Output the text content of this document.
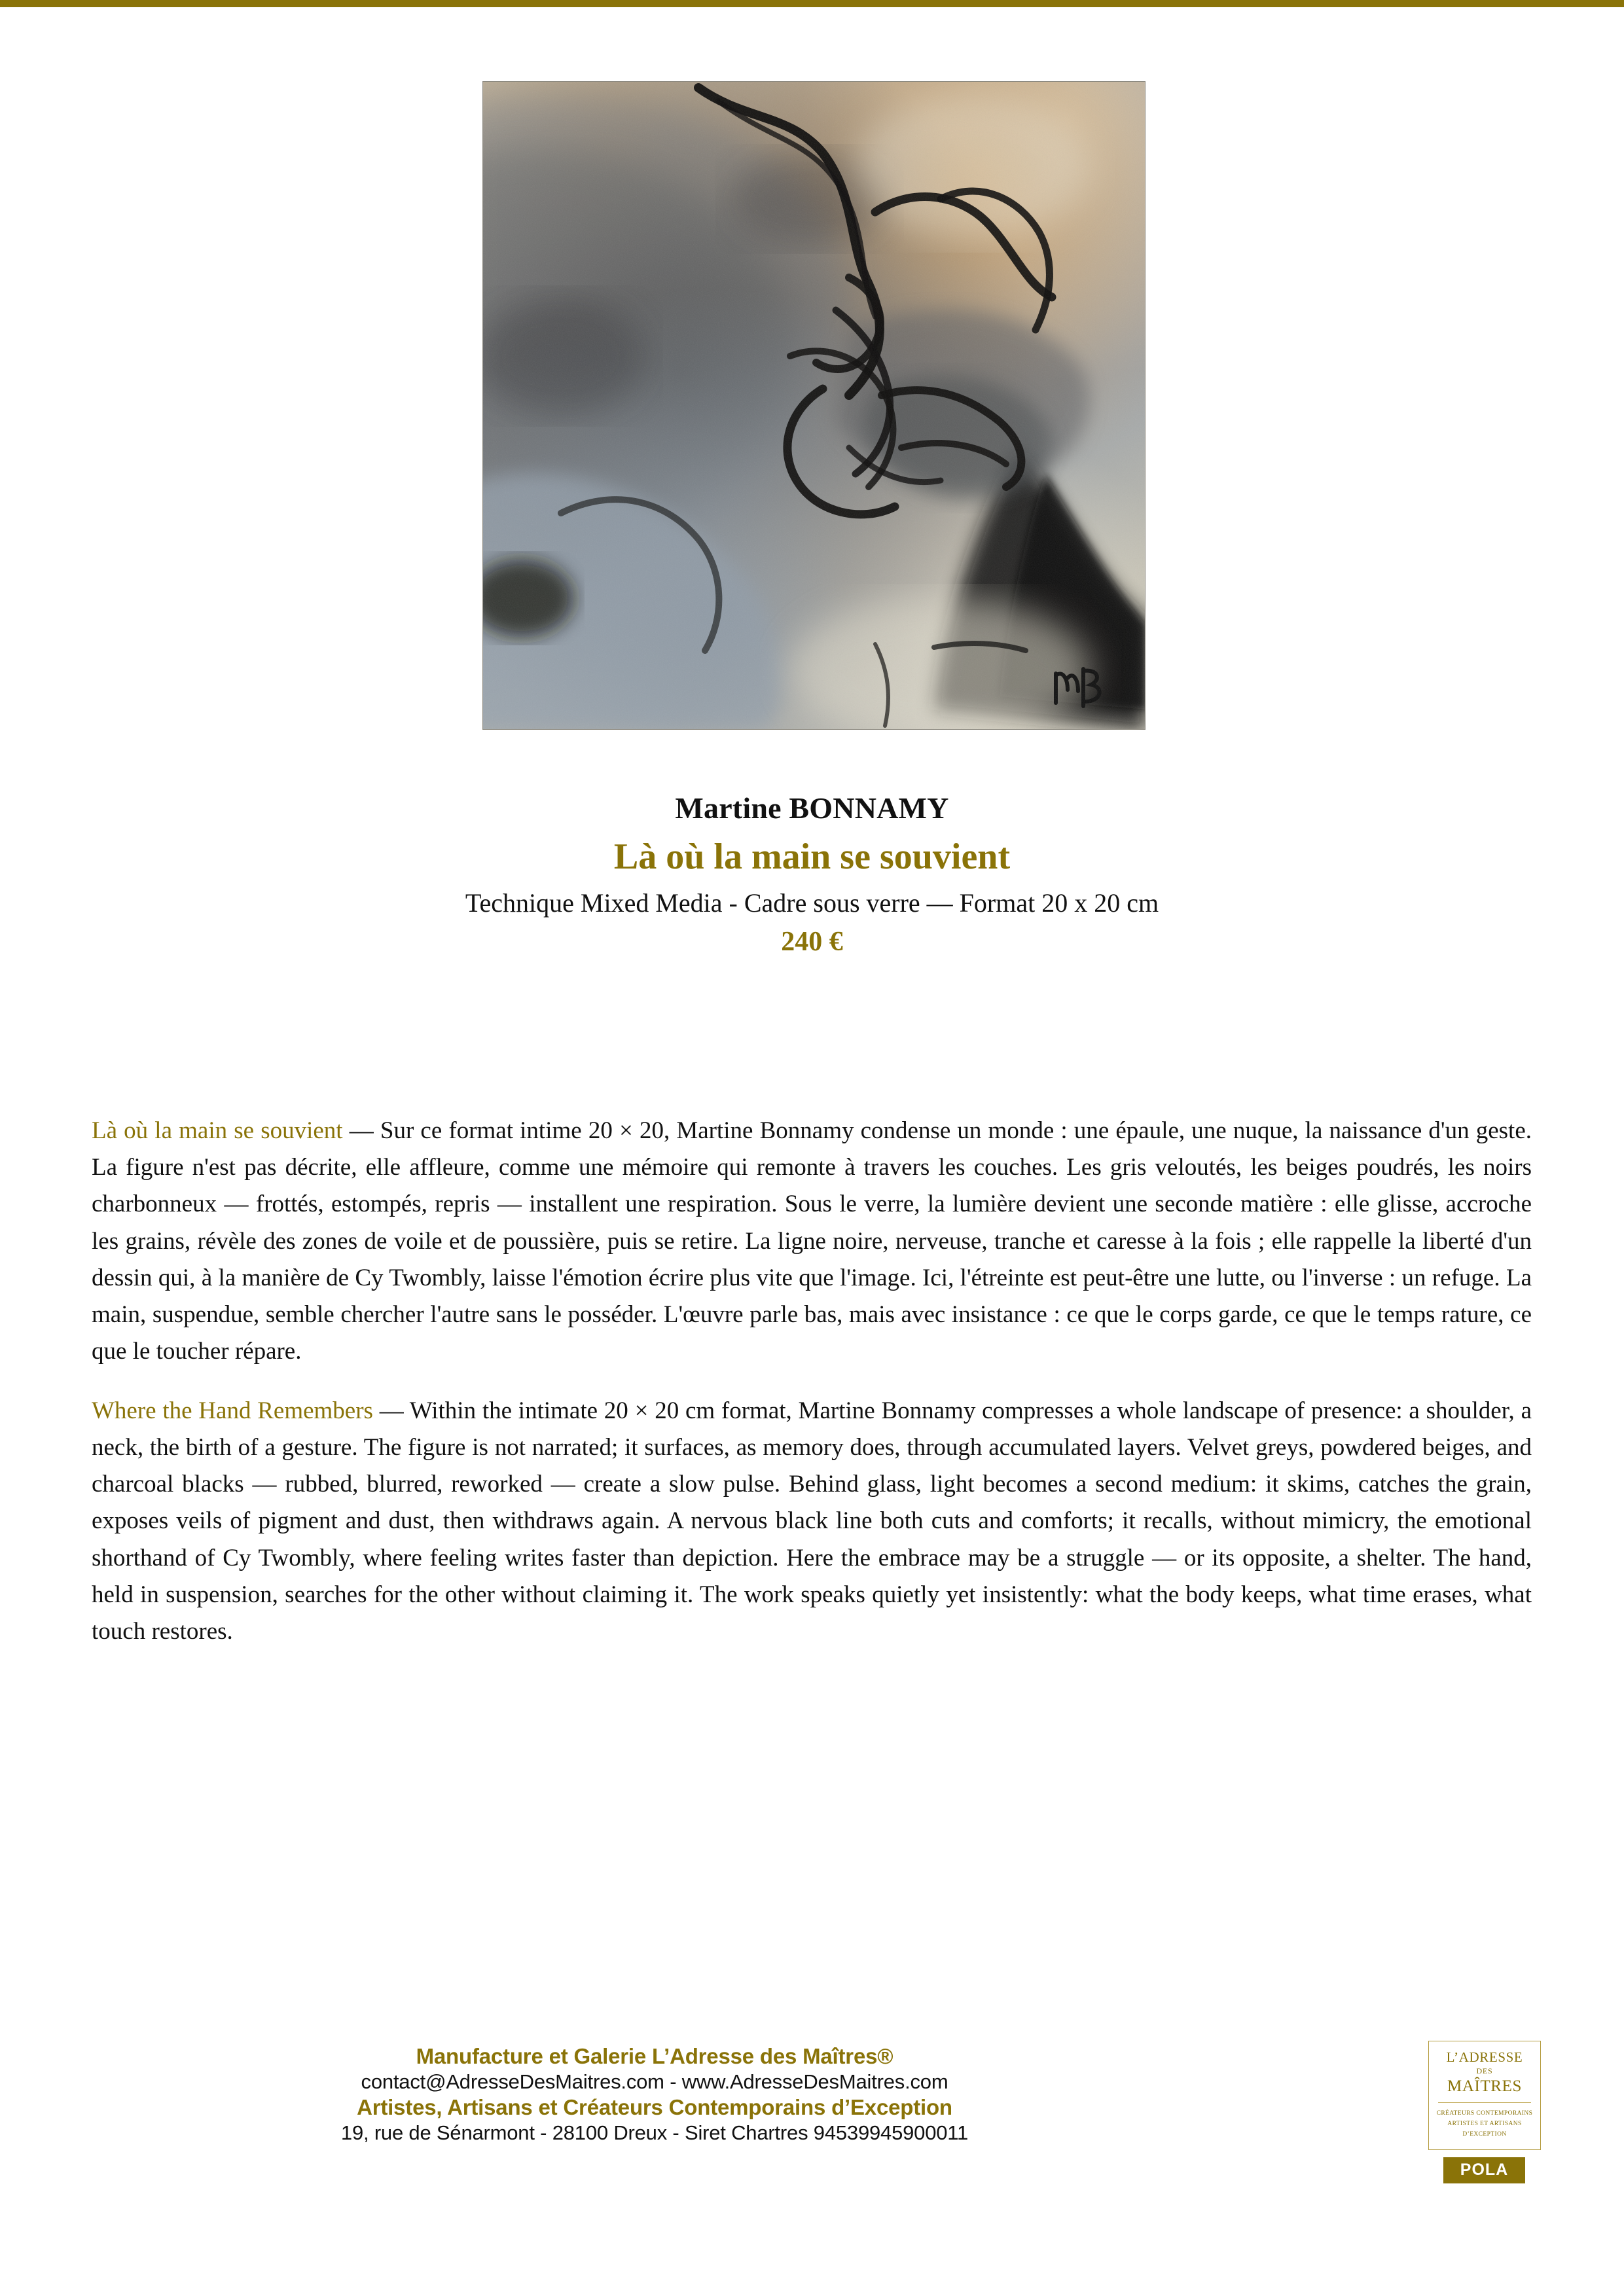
Martine BONNAMY
Là où la main se souvient
Technique Mixed Media - Cadre sous verre — Format 20 x 20 cm
240 €

Là où la main se souvient — Sur ce format intime 20 × 20, Martine Bonnamy condense un monde : une épaule, une nuque, la naissance d'un geste. La figure n'est pas décrite, elle affleure, comme une mémoire qui remonte à travers les couches. Les gris veloutés, les beiges poudrés, les noirs charbonneux — frottés, estompés, repris — installent une respiration. Sous le verre, la lumière devient une seconde matière : elle glisse, accroche les grains, révèle des zones de voile et de poussière, puis se retire. La ligne noire, nerveuse, tranche et caresse à la fois ; elle rappelle la liberté d'un dessin qui, à la manière de Cy Twombly, laisse l'émotion écrire plus vite que l'image. Ici, l'étreinte est peut-être une lutte, ou l'inverse : un refuge. La main, suspendue, semble chercher l'autre sans le posséder. L'œuvre parle bas, mais avec insistance : ce que le corps garde, ce que le temps rature, ce que le toucher répare.

Where the Hand Remembers — Within the intimate 20 × 20 cm format, Martine Bonnamy compresses a whole landscape of presence: a shoulder, a neck, the birth of a gesture. The figure is not narrated; it surfaces, as memory does, through accumulated layers. Velvet greys, powdered beiges, and charcoal blacks — rubbed, blurred, reworked — create a slow pulse. Behind glass, light becomes a second medium: it skims, catches the grain, exposes veils of pigment and dust, then withdraws again. A nervous black line both cuts and comforts; it recalls, without mimicry, the emotional shorthand of Cy Twombly, where feeling writes faster than depiction. Here the embrace may be a struggle — or its opposite, a shelter. The hand, held in suspension, searches for the other without claiming it. The work speaks quietly yet insistently: what the body keeps, what time erases, what touch restores.

Manufacture et Galerie L’Adresse des Maîtres®
contact@AdresseDesMaitres.com - www.AdresseDesMaitres.com
Artistes, Artisans et Créateurs Contemporains d’Exception
19, rue de Sénarmont - 28100 Dreux - Siret Chartres 94539945900011
L’ADRESSE
DES
MAÎTRES
CRÉATEURS CONTEMPORAINS
ARTISTES ET ARTISANS
D’EXCEPTION
POLA
